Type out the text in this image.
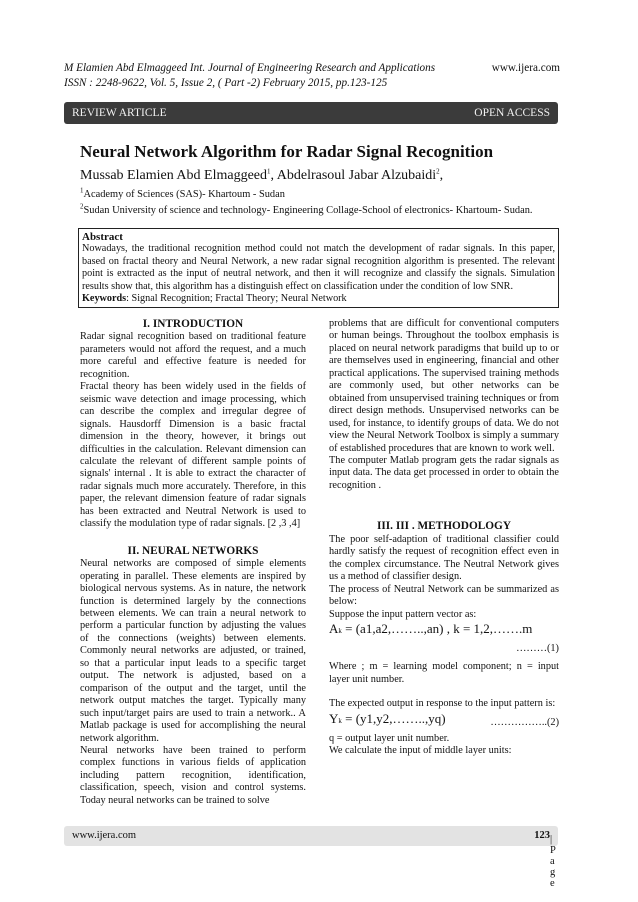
M Elamien Abd Elmaggeed Int. Journal of Engineering Research and Applications
ISSN : 2248-9622, Vol. 5, Issue 2, ( Part -2) February 2015, pp.123-125
www.ijera.com
REVIEW ARTICLE	OPEN ACCESS
Neural Network Algorithm for Radar Signal Recognition
Mussab Elamien Abd Elmaggeed$^1$, Abdelrasoul Jabar Alzubaidi$^2$,
$^1$Academy of Sciences (SAS)- Khartoum - Sudan
$^2$Sudan University of science and technology- Engineering Collage-School of electronics- Khartoum- Sudan.
Abstract
Nowadays, the traditional recognition method could not match the development of radar signals. In this paper, based on fractal theory and Neural Network, a new radar signal recognition algorithm is presented. The relevant point is extracted as the input of neutral network, and then it will recognize and classify the signals. Simulation results show that, this algorithm has a distinguish effect on classification under the condition of low SNR.
Keywords: Signal Recognition; Fractal Theory; Neural Network

I. INTRODUCTION

Radar signal recognition based on traditional feature parameters would not afford the request, and a much more careful and effective feature is needed for recognition.

Fractal theory has been widely used in the fields of seismic wave detection and image processing, which can describe the complex and irregular degree of signals. Hausdorff Dimension is a basic fractal dimension in the theory, however, it brings out difficulties in the calculation. Relevant dimension can calculate the relevant of different sample points of signals' internal . It is able to extract the character of radar signals much more accurately. Therefore, in this paper, the relevant dimension feature of radar signals has been extracted and Neutral Network is used to classify the modulation type of radar signals. [2 ,3 ,4]

II. NEURAL NETWORKS

Neural networks are composed of simple elements operating in parallel. These elements are inspired by biological nervous systems. As in nature, the network function is determined largely by the connections between elements. We can train a neural network to perform a particular function by adjusting the values of the connections (weights) between elements. Commonly neural networks are adjusted, or trained, so that a particular input leads to a specific target output. The network is adjusted, based on a comparison of the output and the target, until the network output matches the target. Typically many such input/target pairs are used to train a network.. A Matlab package is used for accomplishing the neural network algorithm.

Neural networks have been trained to perform complex functions in various fields of application including pattern recognition, identification, classification, speech, vision and control systems. Today neural networks can be trained to solve

problems that are difficult for conventional computers or human beings. Throughout the toolbox emphasis is placed on neural network paradigms that build up to or are themselves used in engineering, financial and other practical applications. The supervised training methods are commonly used, but other networks can be obtained from unsupervised training techniques or from direct design methods. Unsupervised networks can be used, for instance, to identify groups of data. We do not view the Neural Network Toolbox is simply a summary of established procedures that are known to work well.

The computer Matlab program gets the radar signals as input data. The data get processed in order to obtain the recognition .

III. III . METHODOLOGY

The poor self-adaption of traditional classifier could hardly satisfy the request of recognition effect even in the complex circumstance. The Neutral Network gives us a method of classifier design.

The process of Neutral Network can be summarized as below:

Suppose the input pattern vector as:

Ak = (a1,a2,……..,an) , k = 1,2,…….m

………(1)

Where ; m = learning model component; n = input layer unit number.

The expected output in response to the input pattern is:

Yk = (y1,y2,……..,yq)	……………..(2)

q = output layer unit number.

We calculate the input of middle layer units:

www.ijera.com	123 | P a g e
